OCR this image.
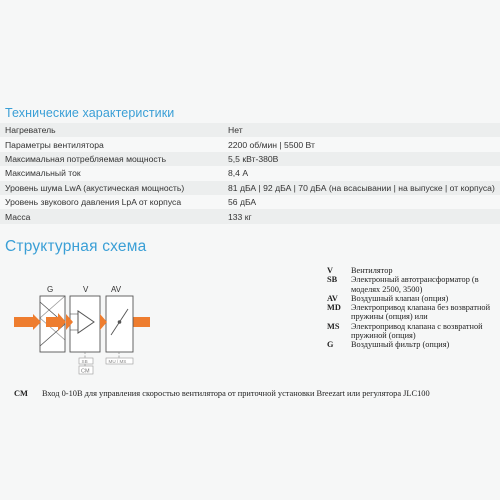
Технические характеристики
Нагреватель	Нет
Параметры вентилятора	2200 об/мин | 5500 Вт
Максимальная потребляемая мощность	5,5 кВт-380В
Максимальный ток	8,4 А
Уровень шума LwA (акустическая мощность)	81 дБА | 92 дБА | 70 дБА (на всасывании | на выпуске | от корпуса)
Уровень звукового давления LpA от корпуса	56 дБА
Масса	133 кг
Структурная схема
G	V	AV
SB	MU / MS
CM
V	Вентилятор
SB	Электронный автотрансформатор (в моделях 2500, 3500)
AV	Воздушный клапан (опция)
MD	Электропривод клапана без возвратной пружины (опция) или
MS	Электропривод клапана с возвратной пружиной (опция)
G	Воздушный фильтр (опция)
CM Вход 0-10В для управления скоростью вентилятора от приточной установки Breezart или регулятора JLC100
